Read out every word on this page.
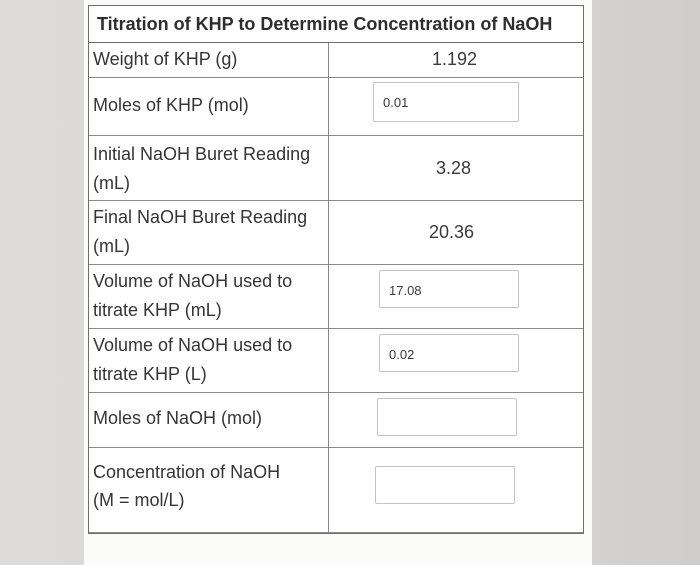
Titration of KHP to Determine Concentration of NaOH
Weight of KHP (g)	1.192
Moles of KHP (mol)	0.01
Initial NaOH Buret Reading
(mL)
3.28
Final NaOH Buret Reading
(mL)
20.36
Volume of NaOH used to
titrate KHP (mL)
17.08
Volume of NaOH used to
titrate KHP (L)
0.02
Moles of NaOH (mol)
Concentration of NaOH
(M = mol/L)
